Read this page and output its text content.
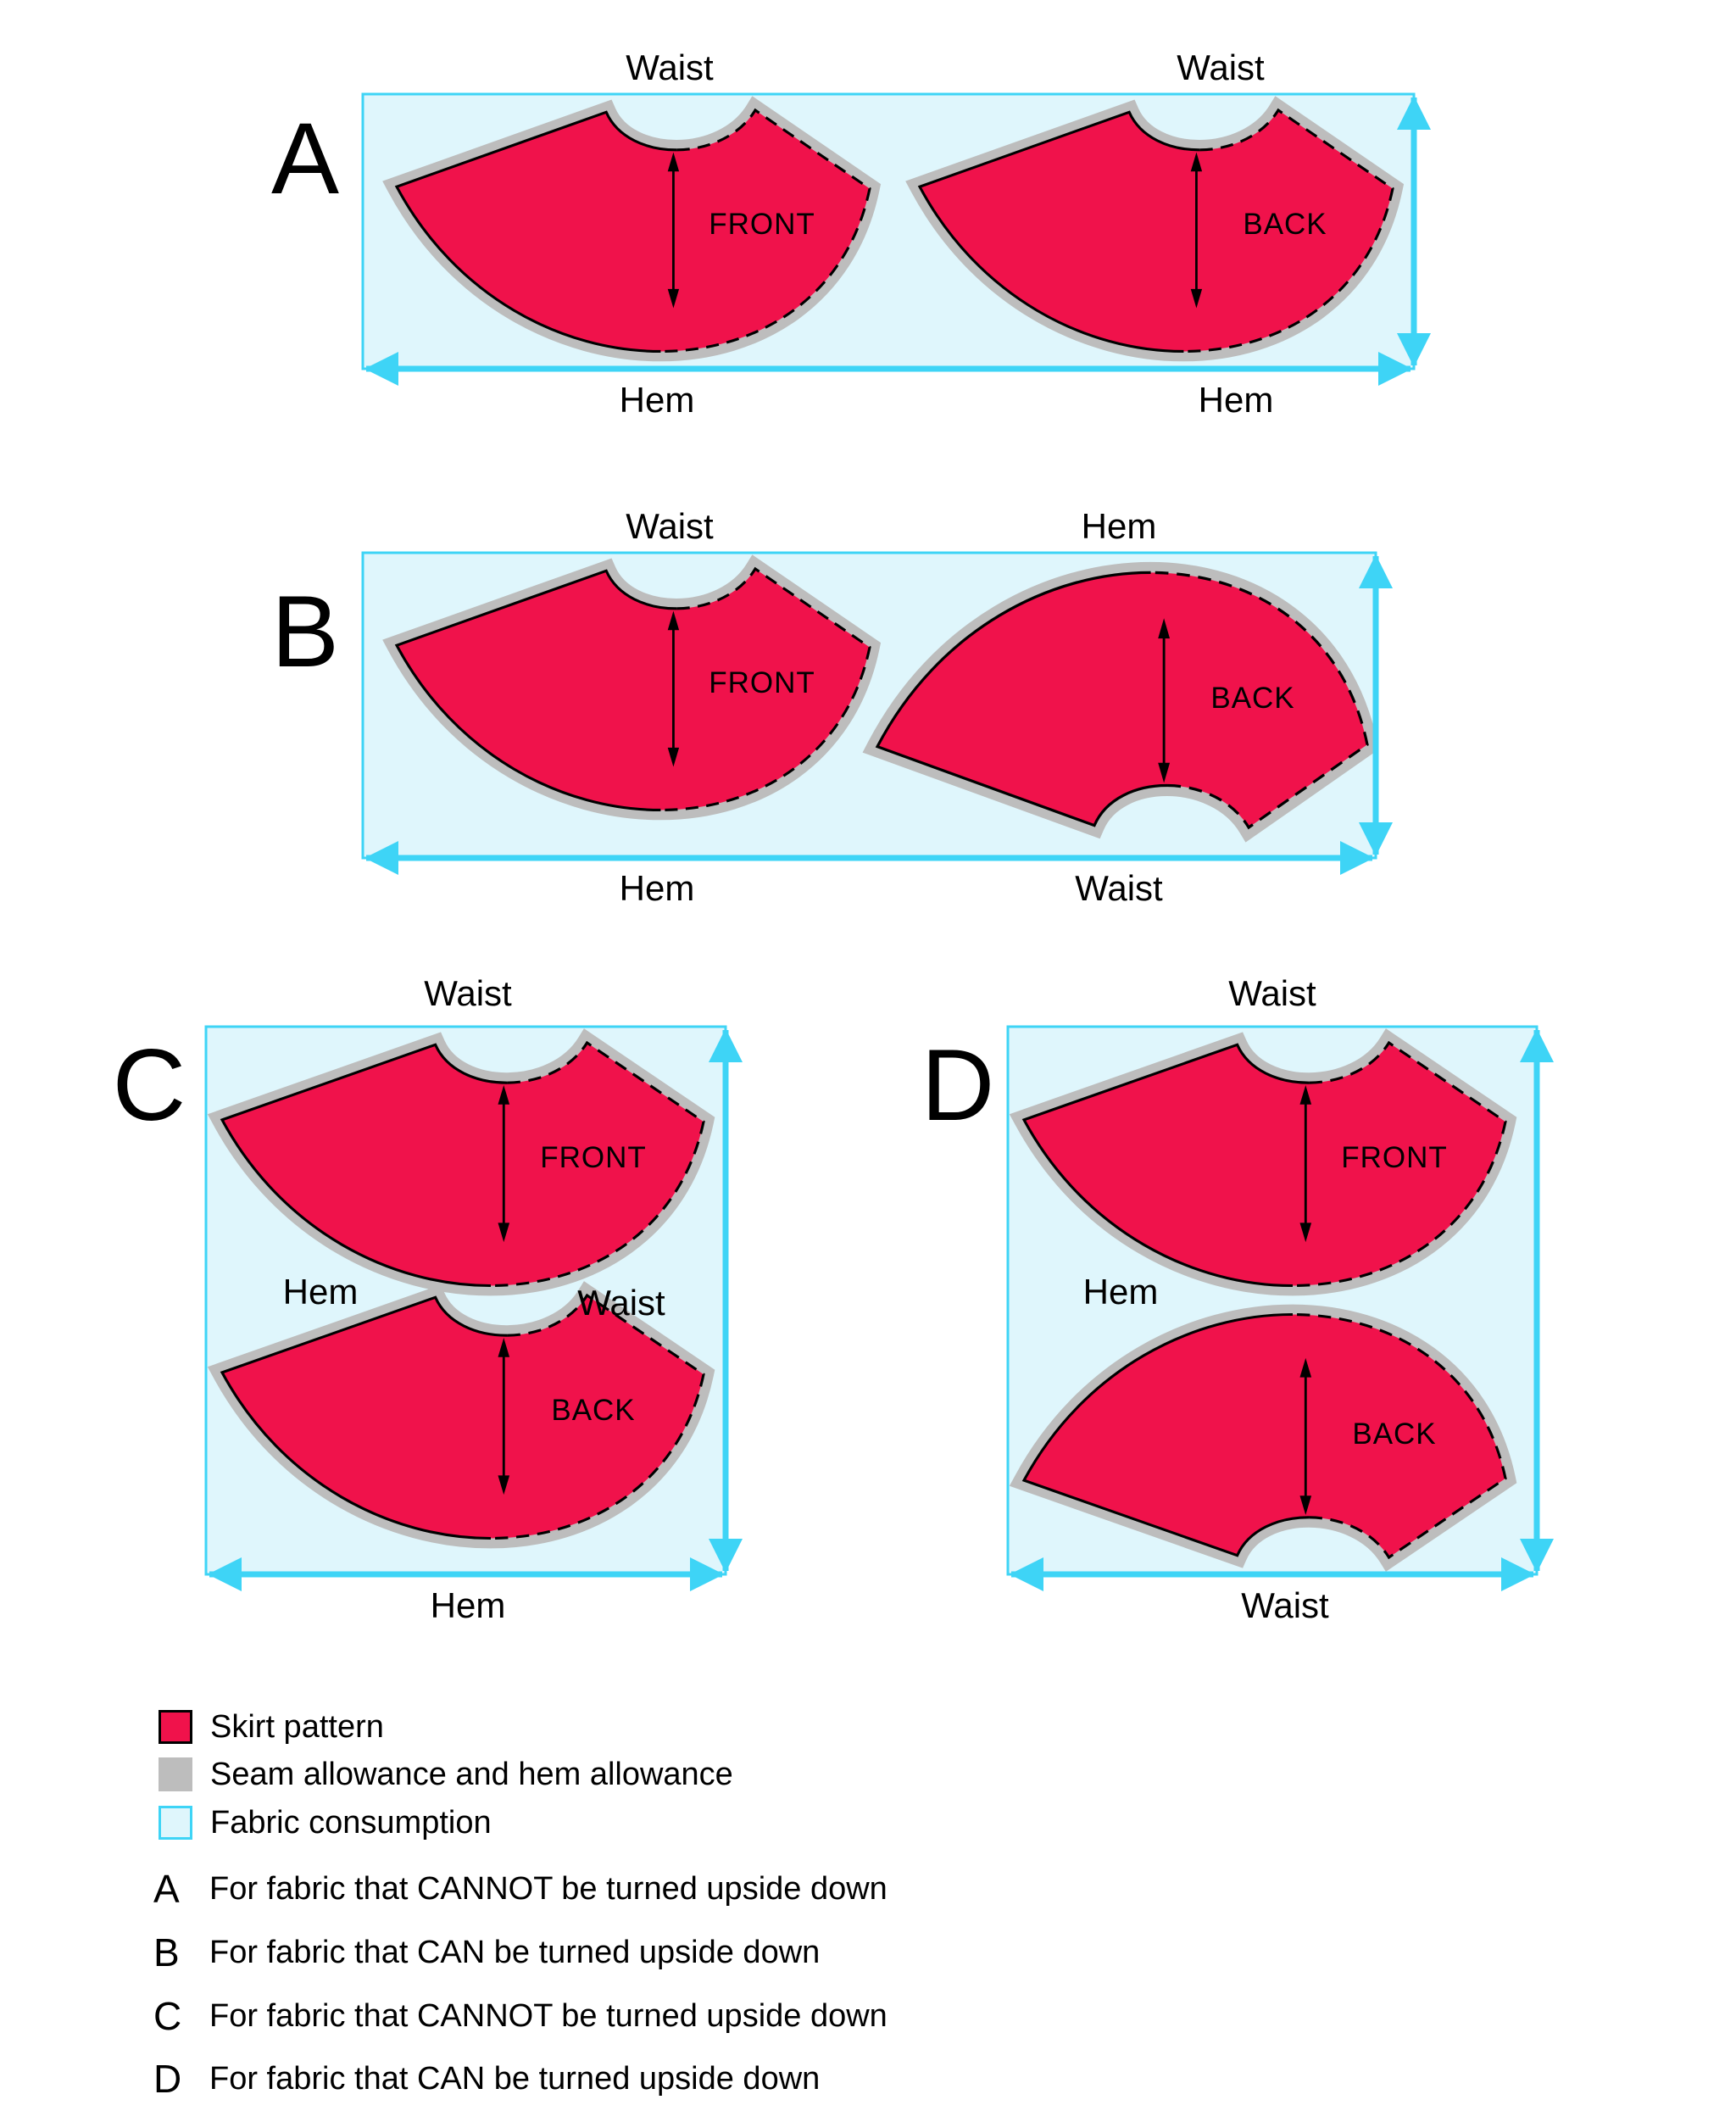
A
Waist	Waist
Hem	Hem
FRONT	BACK
B
Waist	Hem
Hem	Waist
FRONT	BACK
C
Waist
Hem	Waist
Hem
FRONT
BACK
D
Waist
Hem
Waist
FRONT
BACK
Skirt pattern
Seam allowance and hem allowance
Fabric consumption
A For fabric that CANNOT be turned upside down
B For fabric that CAN be turned upside down
C For fabric that CANNOT be turned upside down
D For fabric that CAN be turned upside down
